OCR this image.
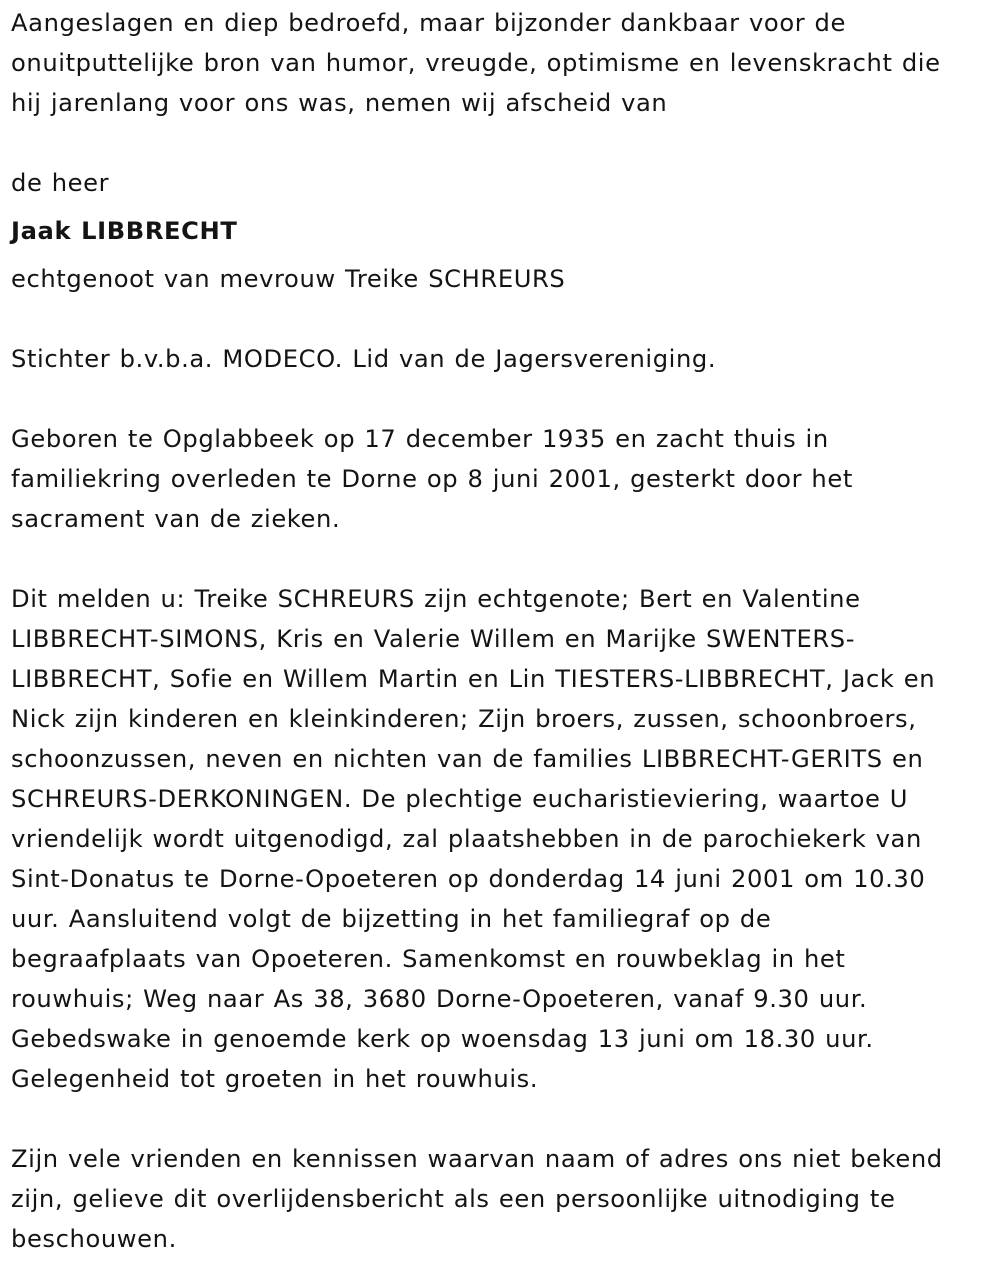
Aangeslagen en diep bedroefd, maar bijzonder dankbaar voor de
onuitputtelijke bron van humor, vreugde, optimisme en levenskracht die
hij jarenlang voor ons was, nemen wij afscheid van

de heer

Jaak LIBBRECHT

echtgenoot van mevrouw Treike SCHREURS

Stichter b.v.b.a. MODECO. Lid van de Jagersvereniging.

Geboren te Opglabbeek op 17 december 1935 en zacht thuis in
familiekring overleden te Dorne op 8 juni 2001, gesterkt door het
sacrament van de zieken.

Dit melden u: Treike SCHREURS zijn echtgenote; Bert en Valentine
LIBBRECHT-SIMONS, Kris en Valerie Willem en Marijke SWENTERS-
LIBBRECHT, Sofie en Willem Martin en Lin TIESTERS-LIBBRECHT, Jack en
Nick zijn kinderen en kleinkinderen; Zijn broers, zussen, schoonbroers,
schoonzussen, neven en nichten van de families LIBBRECHT-GERITS en
SCHREURS-DERKONINGEN. De plechtige eucharistieviering, waartoe U
vriendelijk wordt uitgenodigd, zal plaatshebben in de parochiekerk van
Sint-Donatus te Dorne-Opoeteren op donderdag 14 juni 2001 om 10.30
uur. Aansluitend volgt de bijzetting in het familiegraf op de
begraafplaats van Opoeteren. Samenkomst en rouwbeklag in het
rouwhuis; Weg naar As 38, 3680 Dorne-Opoeteren, vanaf 9.30 uur.
Gebedswake in genoemde kerk op woensdag 13 juni om 18.30 uur.
Gelegenheid tot groeten in het rouwhuis.

Zijn vele vrienden en kennissen waarvan naam of adres ons niet bekend
zijn, gelieve dit overlijdensbericht als een persoonlijke uitnodiging te
beschouwen.
